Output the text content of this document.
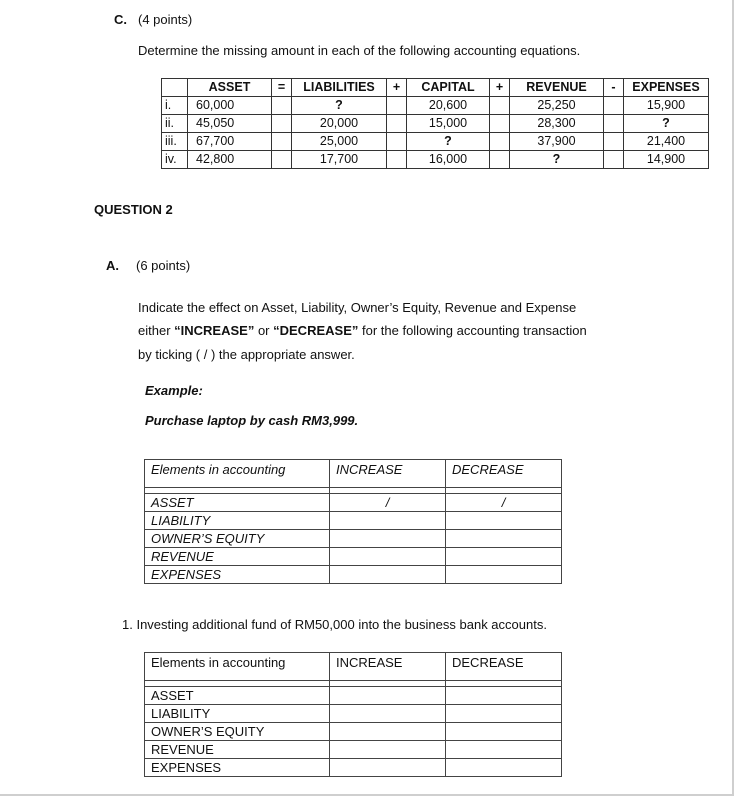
C. (4 points)
Determine the missing amount in each of the following accounting equations.
	ASSET	=	LIABILITIES	+	CAPITAL	+	REVENUE	-	EXPENSES
i.	60,000		?		20,600		25,250		15,900
ii.	45,050		20,000		15,000		28,300		?
iii.	67,700		25,000		?		37,900		21,400
iv.	42,800		17,700		16,000		?		14,900
QUESTION 2
A. (6 points)
Indicate the effect on Asset, Liability, Owner’s Equity, Revenue and Expense
either “INCREASE” or “DECREASE” for the following accounting transaction
by ticking ( / ) the appropriate answer.
Example:
Purchase laptop by cash RM3,999.
Elements in accounting	INCREASE	DECREASE

ASSET	/	/
LIABILITY		
OWNER’S EQUITY		
REVENUE		
EXPENSES		
1. Investing additional fund of RM50,000 into the business bank accounts.
Elements in accounting	INCREASE	DECREASE

ASSET		
LIABILITY		
OWNER’S EQUITY		
REVENUE		
EXPENSES		
